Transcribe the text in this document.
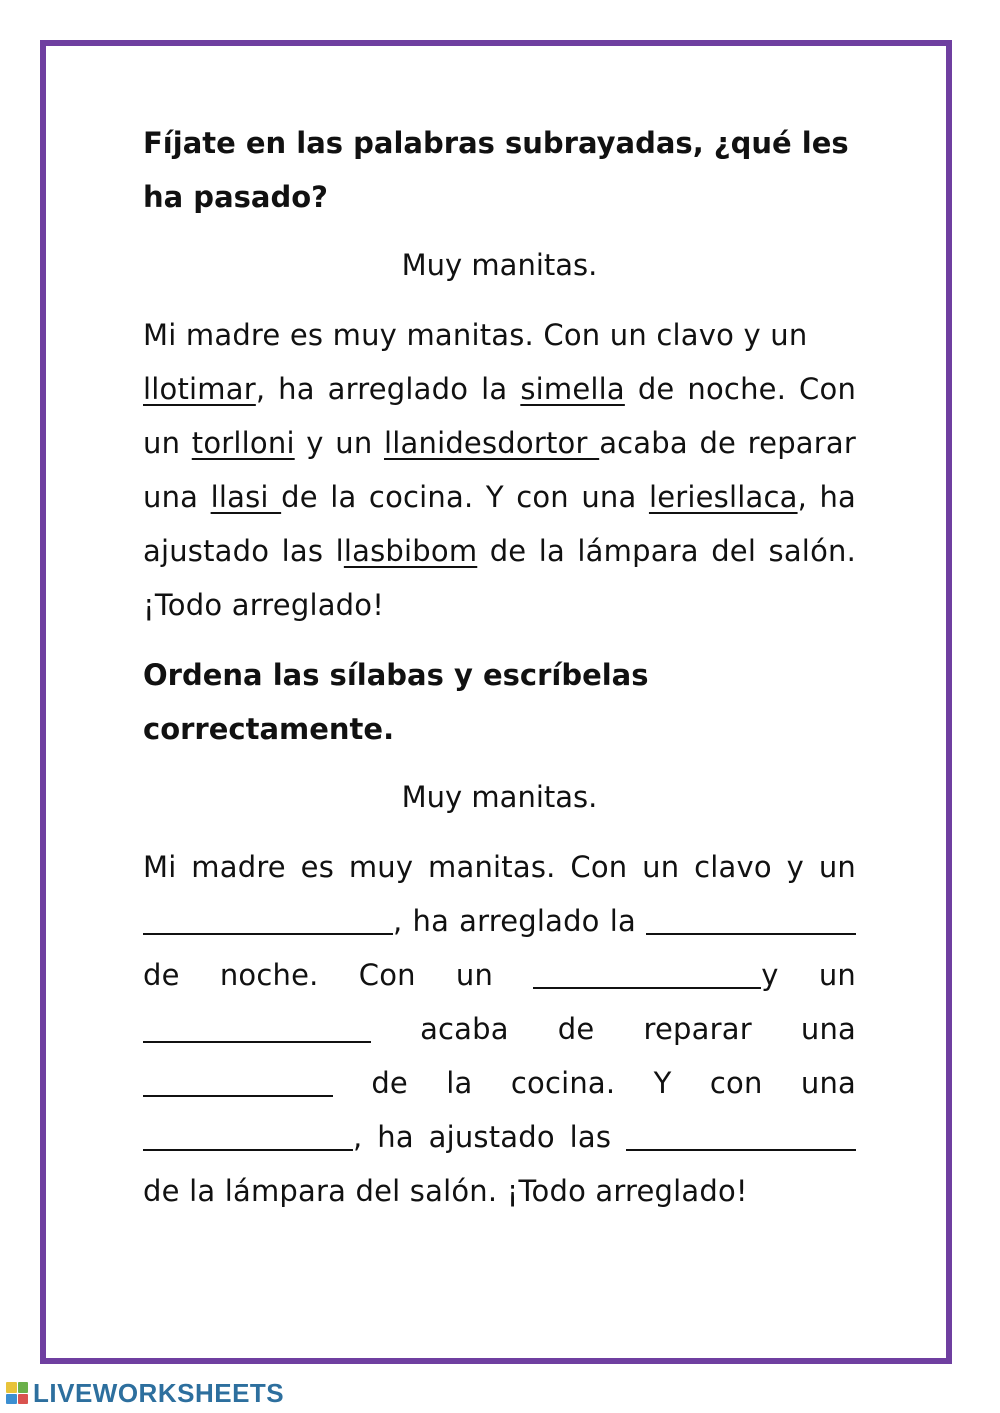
Fíjate en las palabras subrayadas, ¿qué les ha pasado?

Muy manitas.

Mi madre es muy manitas. Con un clavo y un
llotimar, ha arreglado la simella de noche. Con un torlloni y un llanidesdortor acaba de reparar una llasi de la cocina. Y con una leriesllaca, ha ajustado las llasbibom de la lámpara del salón. ¡Todo arreglado!

Ordena las sílabas y escríbelas correctamente.

Muy manitas.

Mi madre es muy manitas. Con un clavo y un , ha arreglado la  de noche. Con un	y un  acaba de reparar una  de la cocina. Y con una , ha ajustado las  de la lámpara del salón. ¡Todo arreglado!

LIVEWORKSHEETS
